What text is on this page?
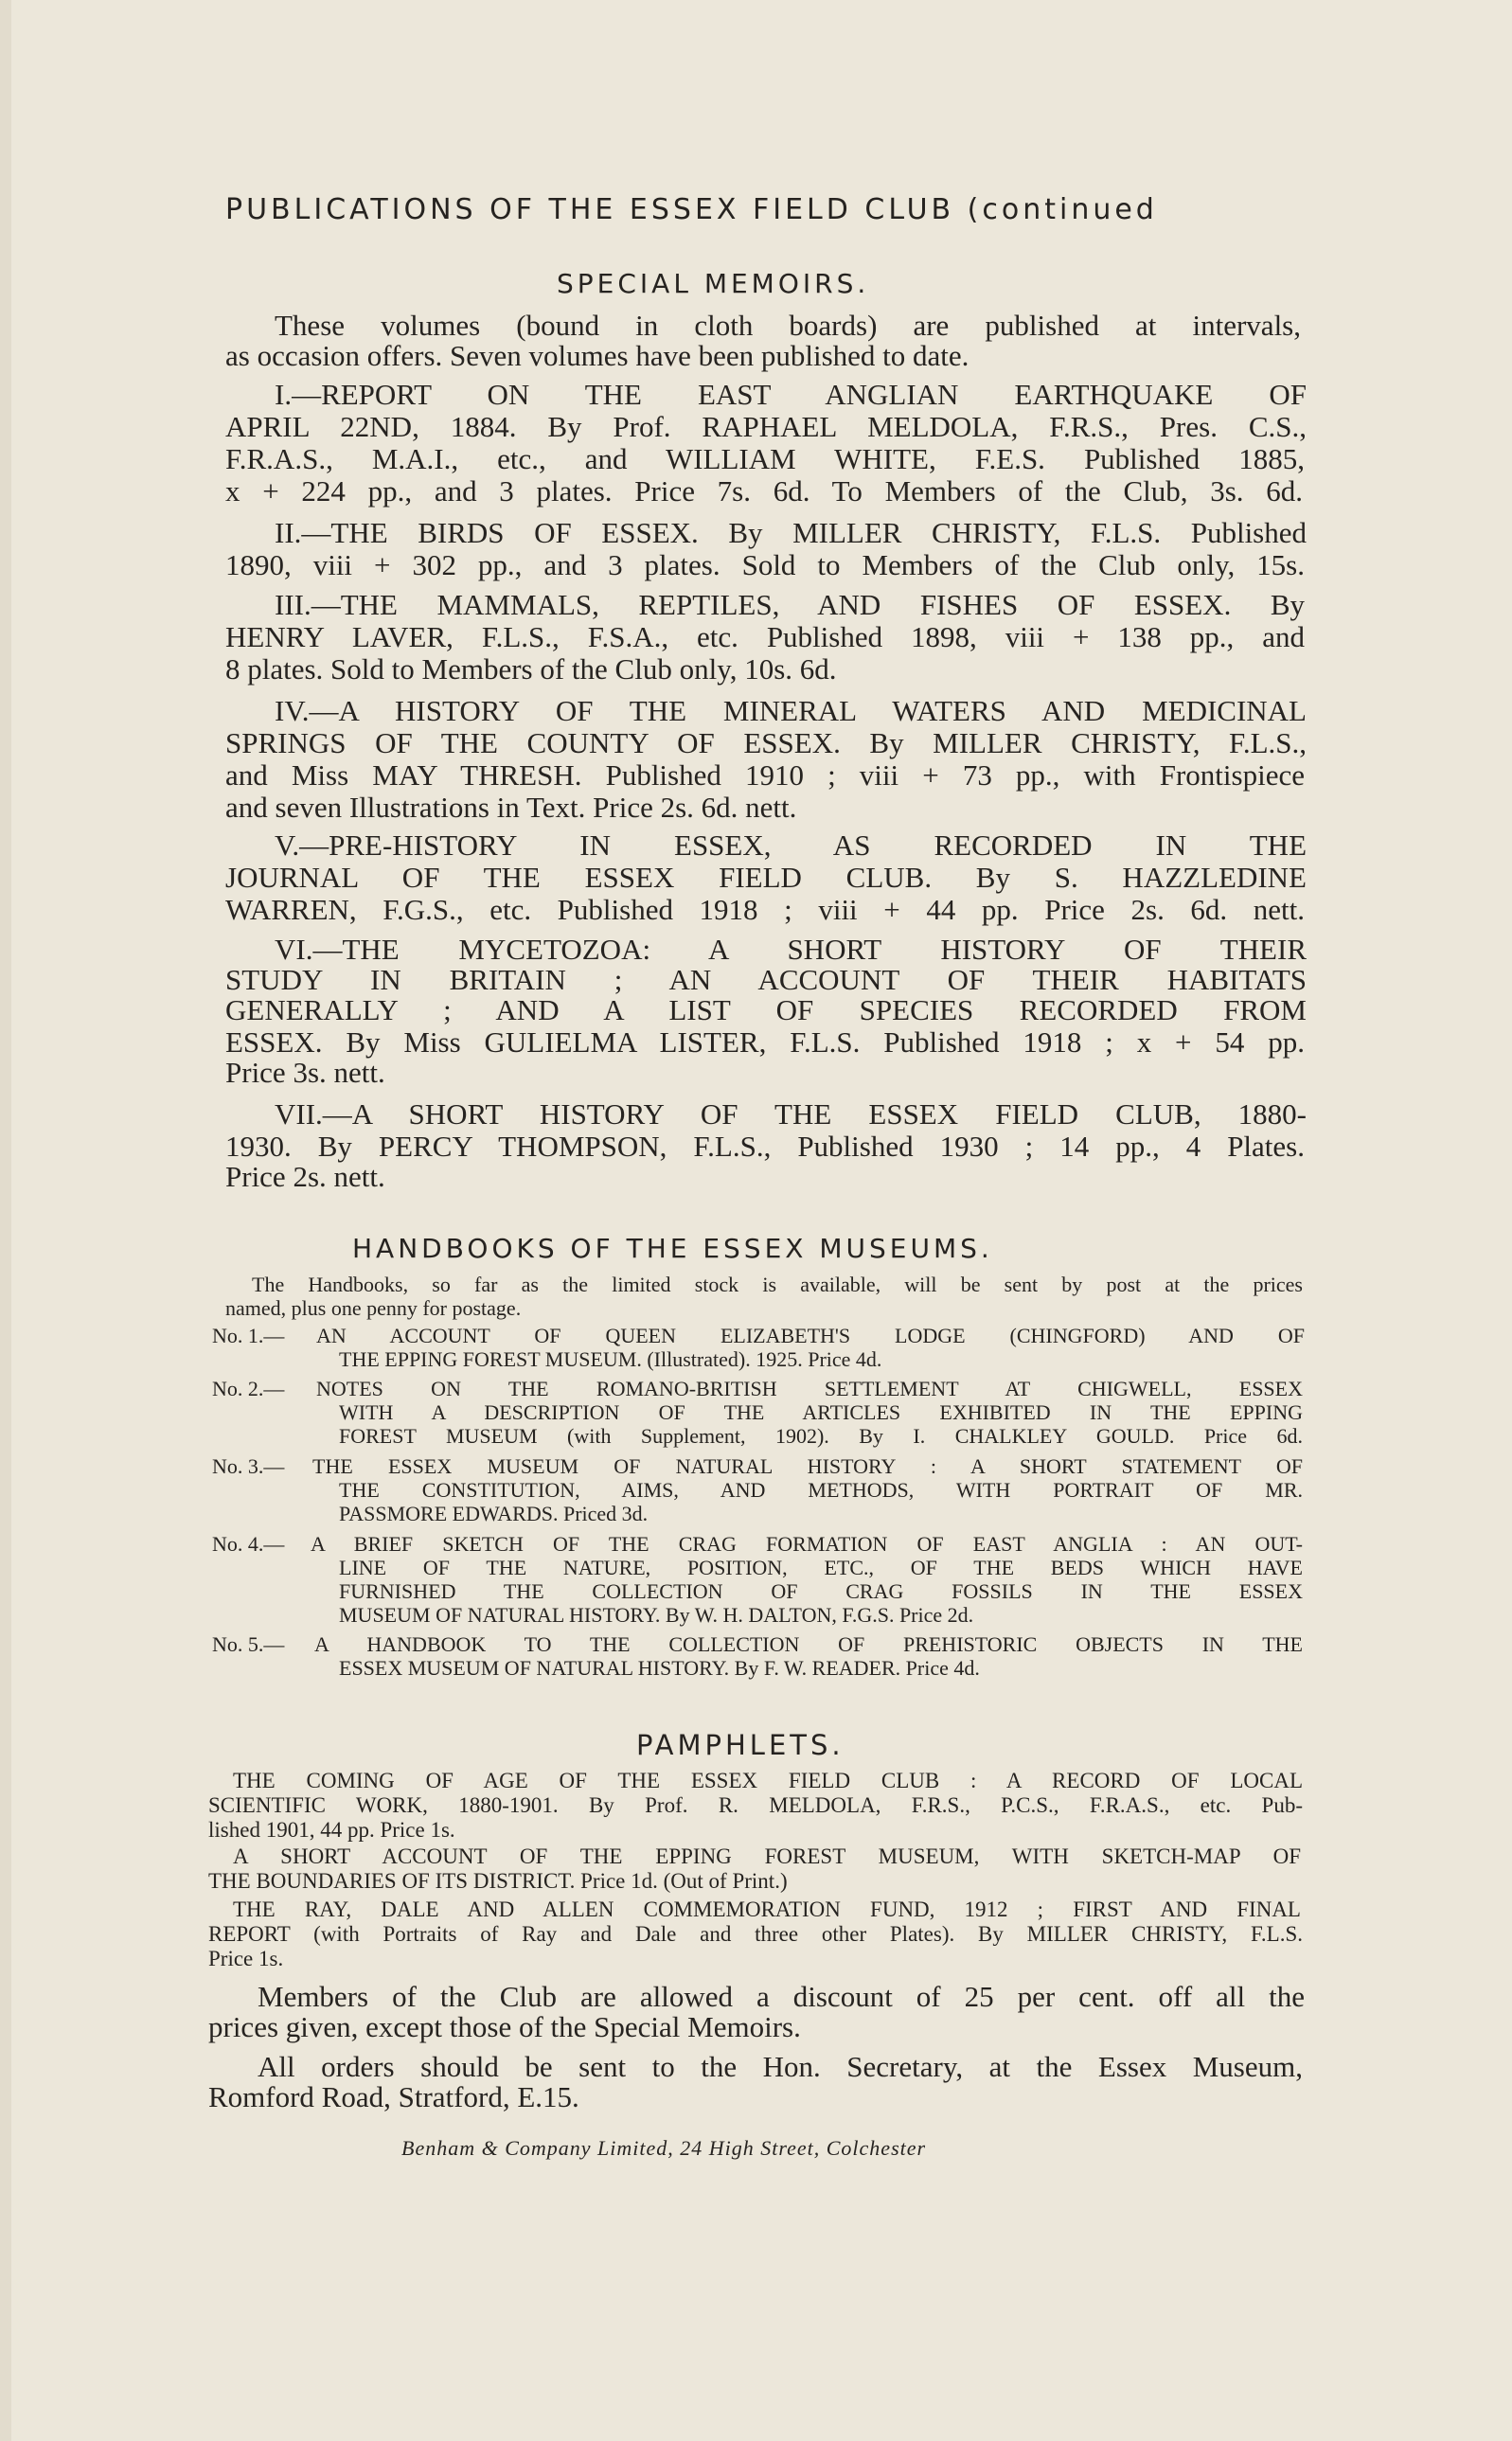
PUBLICATIONS OF THE ESSEX FIELD CLUB (continued
SPECIAL MEMOIRS.
These volumes (bound in cloth boards) are published at intervals,
as occasion offers. Seven volumes have been published to date.
I.—REPORT ON THE EAST ANGLIAN EARTHQUAKE OF
APRIL 22ND, 1884. By Prof. RAPHAEL MELDOLA, F.R.S., Pres. C.S.,
F.R.A.S., M.A.I., etc., and WILLIAM WHITE, F.E.S. Published 1885,
x + 224 pp., and 3 plates. Price 7s. 6d. To Members of the Club, 3s. 6d.
II.—THE BIRDS OF ESSEX. By MILLER CHRISTY, F.L.S. Published
1890, viii + 302 pp., and 3 plates. Sold to Members of the Club only, 15s.
III.—THE MAMMALS, REPTILES, AND FISHES OF ESSEX. By
HENRY LAVER, F.L.S., F.S.A., etc. Published 1898, viii + 138 pp., and
8 plates. Sold to Members of the Club only, 10s. 6d.
IV.—A HISTORY OF THE MINERAL WATERS AND MEDICINAL
SPRINGS OF THE COUNTY OF ESSEX. By MILLER CHRISTY, F.L.S.,
and Miss MAY THRESH. Published 1910 ; viii + 73 pp., with Frontispiece
and seven Illustrations in Text. Price 2s. 6d. nett.
V.—PRE-HISTORY IN ESSEX, AS RECORDED IN THE
JOURNAL OF THE ESSEX FIELD CLUB. By S. HAZZLEDINE
WARREN, F.G.S., etc. Published 1918 ; viii + 44 pp. Price 2s. 6d. nett.
VI.—THE MYCETOZOA: A SHORT HISTORY OF THEIR
STUDY IN BRITAIN ; AN ACCOUNT OF THEIR HABITATS
GENERALLY ; AND A LIST OF SPECIES RECORDED FROM
ESSEX. By Miss GULIELMA LISTER, F.L.S. Published 1918 ; x + 54 pp.
Price 3s. nett.
VII.—A SHORT HISTORY OF THE ESSEX FIELD CLUB, 1880-
1930. By PERCY THOMPSON, F.L.S., Published 1930 ; 14 pp., 4 Plates.
Price 2s. nett.
HANDBOOKS OF THE ESSEX MUSEUMS.
The Handbooks, so far as the limited stock is available, will be sent by post at the prices
named, plus one penny for postage.
No. 1.— AN ACCOUNT OF QUEEN ELIZABETH'S LODGE (CHINGFORD) AND OF
THE EPPING FOREST MUSEUM. (Illustrated). 1925. Price 4d.
No. 2.— NOTES ON THE ROMANO-BRITISH SETTLEMENT AT CHIGWELL, ESSEX
WITH A DESCRIPTION OF THE ARTICLES EXHIBITED IN THE EPPING
FOREST MUSEUM (with Supplement, 1902). By I. CHALKLEY GOULD. Price 6d.
No. 3.— THE ESSEX MUSEUM OF NATURAL HISTORY : A SHORT STATEMENT OF
THE CONSTITUTION, AIMS, AND METHODS, WITH PORTRAIT OF MR.
PASSMORE EDWARDS. Priced 3d.
No. 4.— A BRIEF SKETCH OF THE CRAG FORMATION OF EAST ANGLIA : AN OUT-
LINE OF THE NATURE, POSITION, ETC., OF THE BEDS WHICH HAVE
FURNISHED THE COLLECTION OF CRAG FOSSILS IN THE ESSEX
MUSEUM OF NATURAL HISTORY. By W. H. DALTON, F.G.S. Price 2d.
No. 5.— A HANDBOOK TO THE COLLECTION OF PREHISTORIC OBJECTS IN THE
ESSEX MUSEUM OF NATURAL HISTORY. By F. W. READER. Price 4d.
PAMPHLETS.
THE COMING OF AGE OF THE ESSEX FIELD CLUB : A RECORD OF LOCAL
SCIENTIFIC WORK, 1880-1901. By Prof. R. MELDOLA, F.R.S., P.C.S., F.R.A.S., etc. Pub-
lished 1901, 44 pp. Price 1s.
A SHORT ACCOUNT OF THE EPPING FOREST MUSEUM, WITH SKETCH-MAP OF
THE BOUNDARIES OF ITS DISTRICT. Price 1d. (Out of Print.)
THE RAY, DALE AND ALLEN COMMEMORATION FUND, 1912 ; FIRST AND FINAL
REPORT (with Portraits of Ray and Dale and three other Plates). By MILLER CHRISTY, F.L.S.
Price 1s.
Members of the Club are allowed a discount of 25 per cent. off all the
prices given, except those of the Special Memoirs.
All orders should be sent to the Hon. Secretary, at the Essex Museum,
Romford Road, Stratford, E.15.
Benham & Company Limited, 24 High Street, Colchester
